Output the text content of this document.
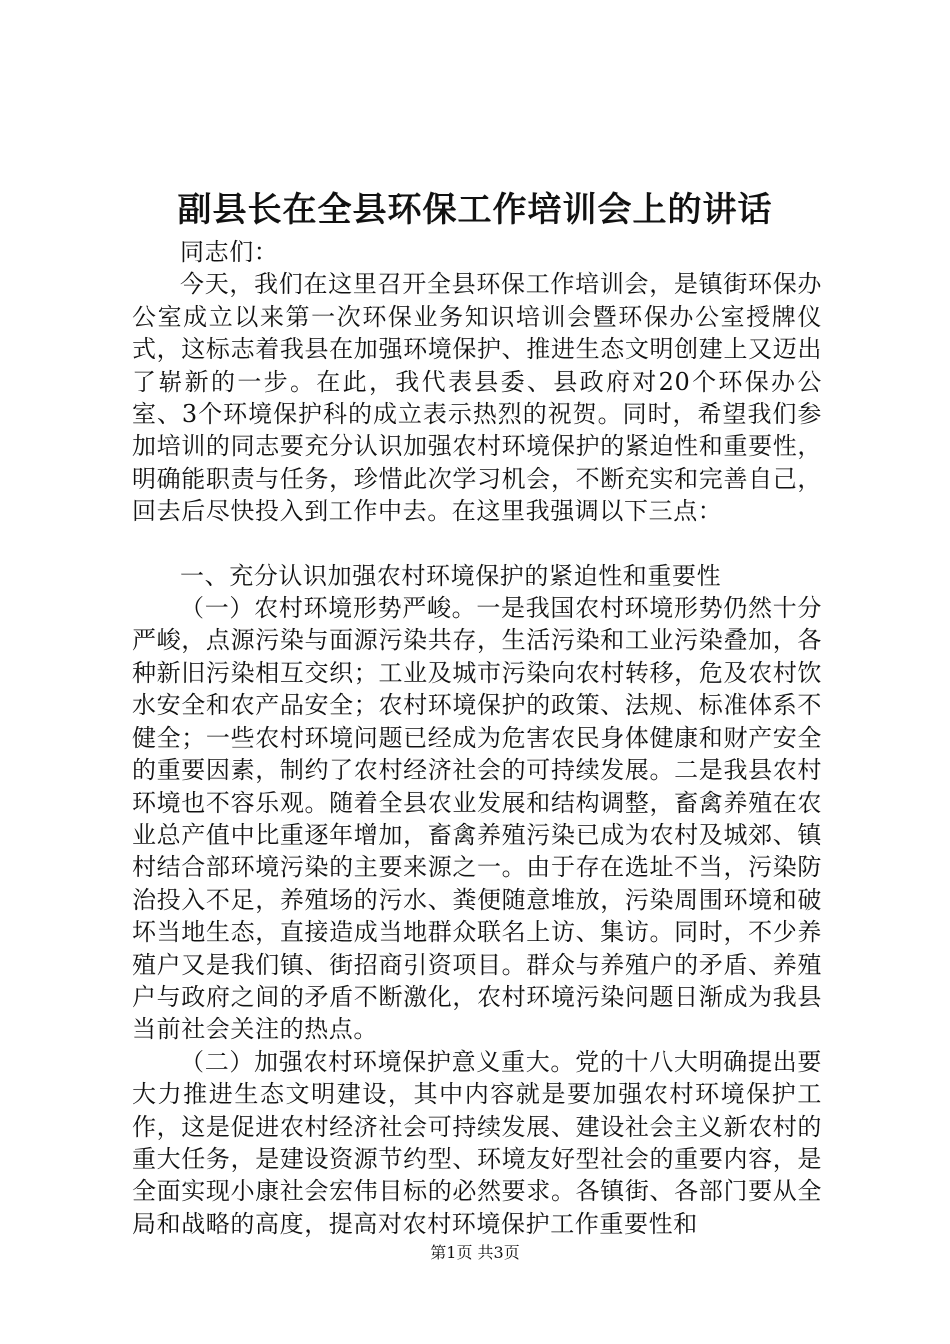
副县长在全县环保工作培训会上的讲话

同志们：

今天，我们在这里召开全县环保工作培训会，是镇街环保办公室成立以来第一次环保业务知识培训会暨环保办公室授牌仪式，这标志着我县在加强环境保护、推进生态文明创建上又迈出了崭新的一步。在此，我代表县委、县政府对20个环保办公室、3个环境保护科的成立表示热烈的祝贺。同时，希望我们参加培训的同志要充分认识加强农村环境保护的紧迫性和重要性，明确能职责与任务，珍惜此次学习机会，不断充实和完善自己，回去后尽快投入到工作中去。在这里我强调以下三点：

一、充分认识加强农村环境保护的紧迫性和重要性

（一）农村环境形势严峻。一是我国农村环境形势仍然十分严峻，点源污染与面源污染共存，生活污染和工业污染叠加，各种新旧污染相互交织；工业及城市污染向农村转移，危及农村饮水安全和农产品安全；农村环境保护的政策、法规、标准体系不健全；一些农村环境问题已经成为危害农民身体健康和财产安全的重要因素，制约了农村经济社会的可持续发展。二是我县农村环境也不容乐观。随着全县农业发展和结构调整，畜禽养殖在农业总产值中比重逐年增加，畜禽养殖污染已成为农村及城郊、镇村结合部环境污染的主要来源之一。由于存在选址不当，污染防治投入不足，养殖场的污水、粪便随意堆放，污染周围环境和破坏当地生态，直接造成当地群众联名上访、集访。同时，不少养殖户又是我们镇、街招商引资项目。群众与养殖户的矛盾、养殖户与政府之间的矛盾不断激化，农村环境污染问题日渐成为我县当前社会关注的热点。

（二）加强农村环境保护意义重大。党的十八大明确提出要大力推进生态文明建设，其中内容就是要加强农村环境保护工作，这是促进农村经济社会可持续发展、建设社会主义新农村的重大任务，是建设资源节约型、环境友好型社会的重要内容，是全面实现小康社会宏伟目标的必然要求。各镇街、各部门要从全局和战略的高度，提高对农村环境保护工作重要性和

第1页 共3页
